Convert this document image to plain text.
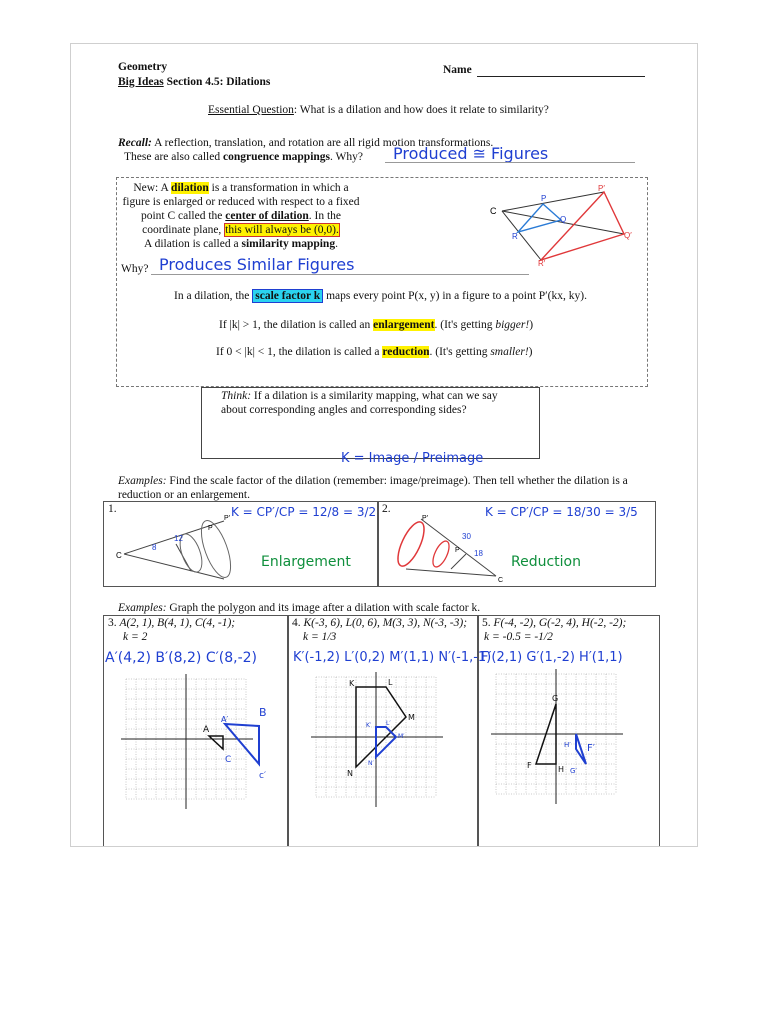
Geometry
Big Ideas Section 4.5: Dilations
Name
Essential Question: What is a dilation and how does it relate to similarity?
Recall: A reflection, translation, and rotation are all rigid motion transformations.
These are also called congruence mappings. Why? Produced ≅ Figures
New: A dilation is a transformation in which a
figure is enlarged or reduced with respect to a fixed
point C called the center of dilation. In the
coordinate plane, this will always be (0,0).
A dilation is called a similarity mapping.
C
P
P′
Q
Q′
R
R′
Why? Produces Similar Figures
In a dilation, the scale factor k maps every point P(x, y) in a figure to a point P′(kx, ky).
If |k| > 1, the dilation is called an enlargement. (It's getting bigger!)
If 0 < |k| < 1, the dilation is called a reduction. (It's getting smaller!)
Think: If a dilation is a similarity mapping, what can we say about corresponding angles and corresponding sides?
K = Image / Preimage
Examples: Find the scale factor of the dilation (remember: image/preimage). Then tell whether the dilation is a reduction or an enlargement.
1.	K = CP′/CP = 12/8 = 3/2
Enlargement
C
12
8
P
P′
2.	K = CP′/CP = 18/30 = 3/5
Reduction
30
18
C
P
P′
Examples: Graph the polygon and its image after a dilation with scale factor k.
3. A(2, 1), B(4, 1), C(4, -1);
k = 2
A′(4,2) B′(8,2) C′(8,-2)
A
C
B
c′
A′
4. K(-3, 6), L(0, 6), M(3, 3), N(-3, -3);
k = 1/3
K′(-1,2) L′(0,2) M′(1,1) N′(-1,-1)
K	L
M
N
K′ L′
M′
N′
5. F(-4, -2), G(-2, 4), H(-2, -2);
k = -0.5 = -1/2
F′(2,1) G′(1,-2) H′(1,1)
G
F	H
H′ F′
G′
